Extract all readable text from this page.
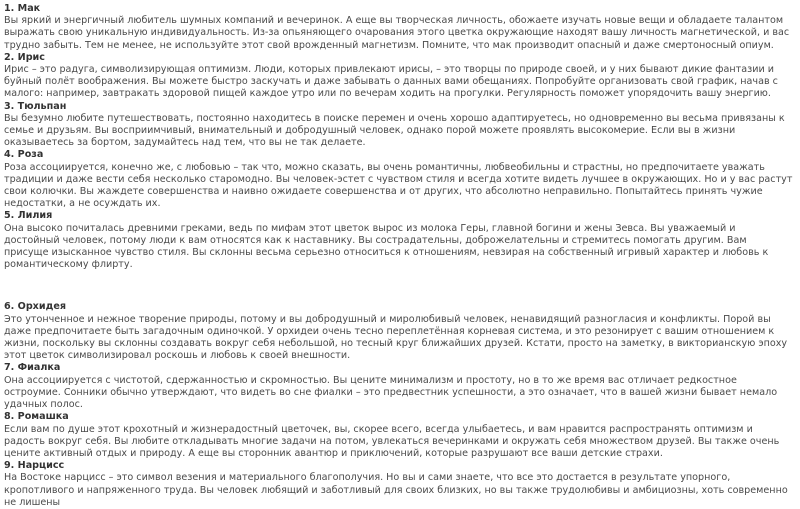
1. Мак
Вы яркий и энергичный любитель шумных компаний и вечеринок. А еще вы творческая личность, обожаете изучать новые вещи и обладаете талантом выражать свою уникальную индивидуальность. Из-за опьяняющего очарования этого цветка окружающие находят вашу личность магнетической, и вас трудно забыть. Тем не менее, не используйте этот свой врожденный магнетизм. Помните, что мак производит опасный и даже смертоносный опиум.
2. Ирис
Ирис – это радуга, символизирующая оптимизм. Люди, которых привлекают ирисы, – это творцы по природе своей, и у них бывают дикие фантазии и буйный полёт воображения. Вы можете быстро заскучать и даже забывать о данных вами обещаниях. Попробуйте организовать свой график, начав с малого: например, завтракать здоровой пищей каждое утро или по вечерам ходить на прогулки. Регулярность поможет упорядочить вашу энергию.
3. Тюльпан
Вы безумно любите путешествовать, постоянно находитесь в поиске перемен и очень хорошо адаптируетесь, но одновременно вы весьма привязаны к семье и друзьям. Вы восприимчивый, внимательный и добродушный человек, однако порой можете проявлять высокомерие. Если вы в жизни оказываетесь за бортом, задумайтесь над тем, что вы не так делаете.
4. Роза
Роза ассоциируется, конечно же, с любовью – так что, можно сказать, вы очень романтичны, любвеобильны и страстны, но предпочитаете уважать традиции и даже вести себя несколько старомодно. Вы человек-эстет с чувством стиля и всегда хотите видеть лучшее в окружающих. Но и у вас растут свои колючки. Вы жаждете совершенства и наивно ожидаете совершенства и от других, что абсолютно неправильно. Попытайтесь принять чужие недостатки, а не осуждать их.
5. Лилия
Она высоко почиталась древними греками, ведь по мифам этот цветок вырос из молока Геры, главной богини и жены Зевса. Вы уважаемый и достойный человек, потому люди к вам относятся как к наставнику. Вы сострадательны, доброжелательны и стремитесь помогать другим. Вам присуще изысканное чувство стиля. Вы склонны весьма серьезно относиться к отношениям, невзирая на собственный игривый характер и любовь к романтическому флирту.
6. Орхидея
Это утонченное и нежное творение природы, потому и вы добродушный и миролюбивый человек, ненавидящий разногласия и конфликты. Порой вы даже предпочитаете быть загадочным одиночкой. У орхидеи очень тесно переплетённая корневая система, и это резонирует с вашим отношением к жизни, поскольку вы склонны создавать вокруг себя небольшой, но тесный круг ближайших друзей. Кстати, просто на заметку, в викторианскую эпоху этот цветок символизировал роскошь и любовь к своей внешности.
7. Фиалка
Она ассоциируется с чистотой, сдержанностью и скромностью. Вы цените минимализм и простоту, но в то же время вас отличает редкостное остроумие. Сонники обычно утверждают, что видеть во сне фиалки – это предвестник успешности, а это означает, что в вашей жизни бывает немало удачных полос.
8. Ромашка
Если вам по душе этот крохотный и жизнерадостный цветочек, вы, скорее всего, всегда улыбаетесь, и вам нравится распространять оптимизм и радость вокруг себя. Вы любите откладывать многие задачи на потом, увлекаться вечеринками и окружать себя множеством друзей. Вы также очень цените активный отдых и природу. А еще вы сторонник авантюр и приключений, которые разрушают все ваши детские страхи.
9. Нарцисс
На Востоке нарцисс – это символ везения и материального благополучия. Но вы и сами знаете, что все это достается в результате упорного, кропотливого и напряженного труда. Вы человек любящий и заботливый для своих близких, но вы также трудолюбивы и амбициозны, хоть современно не лишены
